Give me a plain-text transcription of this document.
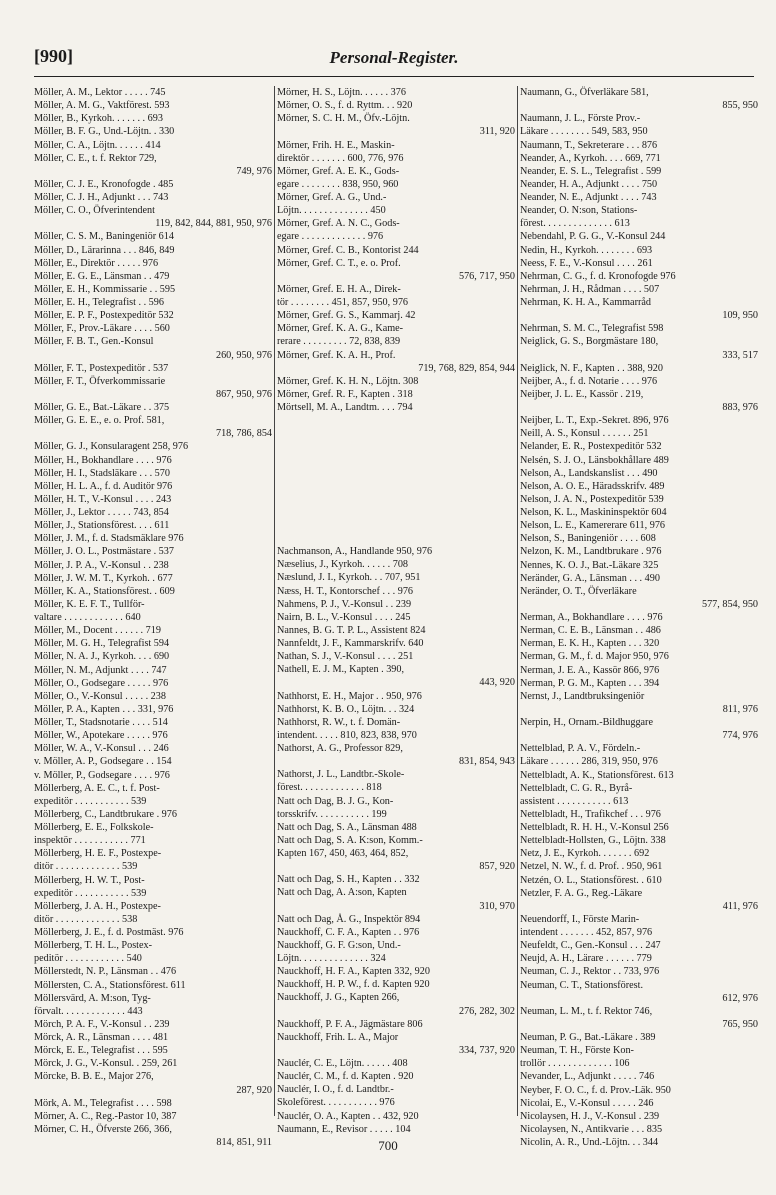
[990]	Personal-Register.
Möller, A. M., Lektor . . . . . 745
Möller, A. M. G., Vaktförest. 593
Möller, B., Kyrkoh. . . . . . . 693
Möller, B. F. G., Und.-Löjtn. . 330
Möller, C. A., Löjtn. . . . . . 414
Möller, C. E., t. f. Rektor 729,
749, 976
Möller, C. J. E., Kronofogde . 485
Möller, C. J. H., Adjunkt . . . 743
Möller, C. O., Öfverintendent
119, 842, 844, 881, 950, 976
Möller, C. S. M., Baningeniör 614
Möller, D., Lärarinna . . . 846, 849
Möller, E., Direktör . . . . . 976
Möller, E. G. E., Länsman . . 479
Möller, E. H., Kommissarie . . 595
Möller, E. H., Telegrafist . . 596
Möller, E. P. F., Postexpeditör 532
Möller, F., Prov.-Läkare . . . . 560
Möller, F. B. T., Gen.-Konsul
260, 950, 976
Möller, F. T., Postexpeditör . 537
Möller, F. T., Öfverkommissarie
867, 950, 976
Möller, G. E., Bat.-Läkare . . 375
Möller, G. E. E., e. o. Prof. 581,
718, 786, 854
Möller, G. J., Konsularagent 258, 976
Möller, H., Bokhandlare . . . . 976
Möller, H. I., Stadsläkare . . . 570
Möller, H. L. A., f. d. Auditör 976
Möller, H. T., V.-Konsul . . . . 243
Möller, J., Lektor . . . . . 743, 854
Möller, J., Stationsförest. . . . 611
Möller, J. M., f. d. Stadsmäklare 976
Möller, J. O. L., Postmästare . 537
Möller, J. P. A., V.-Konsul . . 238
Möller, J. W. M. T., Kyrkoh. . 677
Möller, K. A., Stationsförest. . 609
Möller, K. E. F. T., Tullför-
valtare . . . . . . . . . . . . 640
Möller, M., Docent . . . . . . 719
Möller, M. G. H., Telegrafist 594
Möller, N. A. J., Kyrkoh. . . . 690
Möller, N. M., Adjunkt . . . . 747
Möller, O., Godsegare . . . . . 976
Möller, O., V.-Konsul . . . . . 238
Möller, P. A., Kapten . . . 331, 976
Möller, T., Stadsnotarie . . . . 514
Möller, W., Apotekare . . . . . 976
Möller, W. A., V.-Konsul . . . 246
v. Möller, A. P., Godsegare . . 154
v. Möller, P., Godsegare . . . . 976
Möllerberg, A. E. C., t. f. Post-
expeditör . . . . . . . . . . . 539
Möllerberg, C., Landtbrukare . 976
Möllerberg, E. E., Folkskole-
inspektör . . . . . . . . . . . 771
Möllerberg, H. E. F., Postexpe-
ditör . . . . . . . . . . . . . 539
Möllerberg, H. W. T., Post-
expeditör . . . . . . . . . . . 539
Möllerberg, J. A. H., Postexpe-
ditör . . . . . . . . . . . . . 538
Möllerberg, J. E., f. d. Postmäst. 976
Möllerberg, T. H. L., Postex-
peditör . . . . . . . . . . . . 540
Möllerstedt, N. P., Länsman . . 476
Möllersten, C. A., Stationsförest. 611
Möllersvärd, A. M:son, Tyg-
förvalt. . . . . . . . . . . . . 443
Mörch, P. A. F., V.-Konsul . . 239
Mörck, A. R., Länsman . . . . 481
Mörck, E. E., Telegrafist . . . 595
Mörck, J. G., V.-Konsul. . 259, 261
Mörcke, B. B. E., Major 276,
287, 920
Mörk, A. M., Telegrafist . . . . 598
Mörner, A. C., Reg.-Pastor 10, 387
Mörner, C. H., Öfverste 266, 366,
814, 851, 911
Mörner, H. S., Löjtn. . . . . . 376
Mörner, O. S., f. d. Ryttm. . . 920
Mörner, S. C. H. M., Öfv.-Löjtn.
311, 920
Mörner, Frih. H. E., Maskin-
direktör . . . . . . . 600, 776, 976
Mörner, Gref. A. E. K., Gods-
egare . . . . . . . . 838, 950, 960
Mörner, Gref. A. G., Und.-
Löjtn. . . . . . . . . . . . . . 450
Mörner, Gref. A. N. C., Gods-
egare . . . . . . . . . . . . . 976
Mörner, Gref. C. B., Kontorist 244
Mörner, Gref. C. T., e. o. Prof.
576, 717, 950
Mörner, Gref. E. H. A., Direk-
tör . . . . . . . . 451, 857, 950, 976
Mörner, Gref. G. S., Kammarj. 42
Mörner, Gref. K. A. G., Kame-
rerare . . . . . . . . . 72, 838, 839
Mörner, Gref. K. A. H., Prof.
719, 768, 829, 854, 944
Mörner, Gref. K. H. N., Löjtn. 308
Mörner, Gref. R. F., Kapten . 318
Mörtsell, M. A., Landtm. . . . 794
Nachmanson, A., Handlande 950, 976
Næselius, J., Kyrkoh. . . . . . 708
Næslund, J. I., Kyrkoh. . . 707, 951
Næss, H. T., Kontorschef . . . 976
Nahmens, P. J., V.-Konsul . . 239
Nairn, B. L., V.-Konsul . . . . 245
Nannes, B. G. T. P. L., Assistent 824
Nannfeldt, J. F., Kammarskrifv. 640
Nathan, S. J., V.-Konsul . . . . 251
Nathell, E. J. M., Kapten . 390,
443, 920
Nathhorst, E. H., Major . . 950, 976
Nathhorst, K. B. O., Löjtn. . . 324
Nathhorst, R. W., t. f. Domän-
intendent. . . . . 810, 823, 838, 970
Nathorst, A. G., Professor 829,
831, 854, 943
Nathorst, J. L., Landtbr.-Skole-
förest. . . . . . . . . . . . . 818
Natt och Dag, B. J. G., Kon-
torsskrifv. . . . . . . . . . . 199
Natt och Dag, S. A., Länsman 488
Natt och Dag, S. A. K:son, Komm.-
Kapten 167, 450, 463, 464, 852,
857, 920
Natt och Dag, S. H., Kapten . . 332
Natt och Dag, A. A:son, Kapten
310, 970
Natt och Dag, Å. G., Inspektör 894
Nauckhoff, C. F. A., Kapten . . 976
Nauckhoff, G. F. G:son, Und.-
Löjtn. . . . . . . . . . . . . . 324
Nauckhoff, H. F. A., Kapten 332, 920
Nauckhoff, H. P. W., f. d. Kapten 920
Nauckhoff, J. G., Kapten 266,
276, 282, 302
Nauckhoff, P. F. A., Jägmästare 806
Nauckhoff, Frih. L. A., Major
334, 737, 920
Nauclér, C. E., Löjtn. . . . . . 408
Nauclér, C. M., f. d. Kapten . 920
Nauclér, I. O., f. d. Landtbr.-
Skoleförest. . . . . . . . . . . 976
Nauclér, O. A., Kapten . . 432, 920
Naumann, E., Revisor . . . . . 104
Naumann, G., Öfverläkare 581,
855, 950
Naumann, J. L., Förste Prov.-
Läkare . . . . . . . . 549, 583, 950
Naumann, T., Sekreterare . . . 876
Neander, A., Kyrkoh. . . . 669, 771
Neander, E. S. L., Telegrafist . 599
Neander, H. A., Adjunkt . . . . 750
Neander, N. E., Adjunkt . . . . 743
Neander, O. N:son, Stations-
förest. . . . . . . . . . . . . . 613
Nebendahl, P. G. G., V.-Konsul 244
Nedin, H., Kyrkoh. . . . . . . . 693
Neess, F. E., V.-Konsul . . . . 261
Nehrman, C. G., f. d. Kronofogde 976
Nehrman, J. H., Rådman . . . . 507
Nehrman, K. H. A., Kammarråd
109, 950
Nehrman, S. M. C., Telegrafist 598
Neiglick, G. S., Borgmästare 180,
333, 517
Neiglick, N. F., Kapten . . 388, 920
Neijber, A., f. d. Notarie . . . . 976
Neijber, J. L. E., Kassör . 219,
883, 976
Neijber, L. T., Exp.-Sekret. 896, 976
Neill, A. S., Konsul . . . . . . 251
Nelander, E. R., Postexpeditör 532
Nelsén, S. J. O., Länsbokhållare 489
Nelson, A., Landskanslist . . . 490
Nelson, A. O. E., Häradsskrifv. 489
Nelson, J. A. N., Postexpeditör 539
Nelson, K. L., Maskininspektör 604
Nelson, L. E., Kamererare 611, 976
Nelson, S., Baningeniör . . . . 608
Nelzon, K. M., Landtbrukare . 976
Nennes, K. O. J., Bat.-Läkare 325
Neränder, G. A., Länsman . . . 490
Neränder, O. T., Öfverläkare
577, 854, 950
Nerman, A., Bokhandlare . . . . 976
Nerman, C. E. B., Länsman . . 486
Nerman, E. K. H., Kapten . . . 320
Nerman, G. M., f. d. Major 950, 976
Nerman, J. E. A., Kassör 866, 976
Nerman, P. G. M., Kapten . . . 394
Nernst, J., Landtbruksingeniör
811, 976
Nerpin, H., Ornam.-Bildhuggare
774, 976
Nettelblad, P. A. V., Fördeln.-
Läkare . . . . . . 286, 319, 950, 976
Nettelbladt, A. K., Stationsförest. 613
Nettelbladt, C. G. R., Byrå-
assistent . . . . . . . . . . . 613
Nettelbladt, H., Trafikchef . . . 976
Nettelbladt, R. H. H., V.-Konsul 256
Nettelbladt-Hollsten, G., Löjtn. 338
Netz, J. E., Kyrkoh. . . . . . . 692
Netzel, N. W., f. d. Prof. . 950, 961
Netzén, O. L., Stationsförest. . 610
Netzler, F. A. G., Reg.-Läkare
411, 976
Neuendorff, I., Förste Marin-
intendent . . . . . . . 452, 857, 976
Neufeldt, C., Gen.-Konsul . . . 247
Neujd, A. H., Lärare . . . . . . 779
Neuman, C. J., Rektor . . 733, 976
Neuman, C. T., Stationsförest.
612, 976
Neuman, L. M., t. f. Rektor 746,
765, 950
Neuman, P. G., Bat.-Läkare . 389
Neuman, T. H., Förste Kon-
trollör . . . . . . . . . . . . . 106
Nevander, L., Adjunkt . . . . . 746
Neyber, F. O. C., f. d. Prov.-Läk. 950
Nicolai, E., V.-Konsul . . . . . 246
Nicolaysen, H. J., V.-Konsul . 239
Nicolaysen, N., Antikvarie . . . 835
Nicolin, A. R., Und.-Löjtn. . . 344
700
